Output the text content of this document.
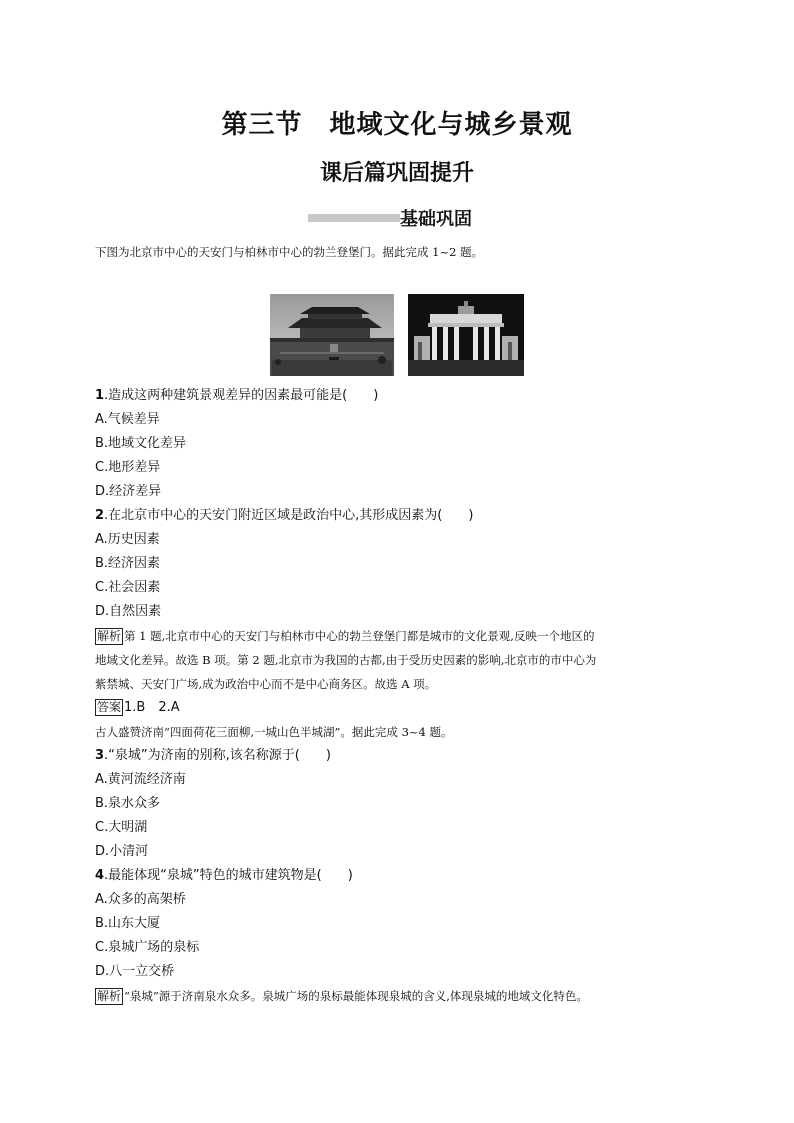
第三节　地域文化与城乡景观
课后篇巩固提升
基础巩固
下图为北京市中心的天安门与柏林市中心的勃兰登堡门。据此完成 1~2 题。
1.造成这两种建筑景观差异的因素最可能是(　　)
A.气候差异
B.地域文化差异
C.地形差异
D.经济差异
2.在北京市中心的天安门附近区域是政治中心,其形成因素为(　　)
A.历史因素
B.经济因素
C.社会因素
D.自然因素
解析 第 1 题,北京市中心的天安门与柏林市中心的勃兰登堡门都是城市的文化景观,反映一个地区的
地域文化差异。故选 B 项。第 2 题,北京市为我国的古都,由于受历史因素的影响,北京市的市中心为
紫禁城、天安门广场,成为政治中心而不是中心商务区。故选 A 项。
答案 1.B　2.A
古人盛赞济南“四面荷花三面柳,一城山色半城湖”。据此完成 3~4 题。
3.“泉城”为济南的别称,该名称源于(　　)
A.黄河流经济南
B.泉水众多
C.大明湖
D.小清河
4.最能体现“泉城”特色的城市建筑物是(　　)
A.众多的高架桥
B.山东大厦
C.泉城广场的泉标
D.八一立交桥
解析 “泉城”源于济南泉水众多。泉城广场的泉标最能体现泉城的含义,体现泉城的地域文化特色。
